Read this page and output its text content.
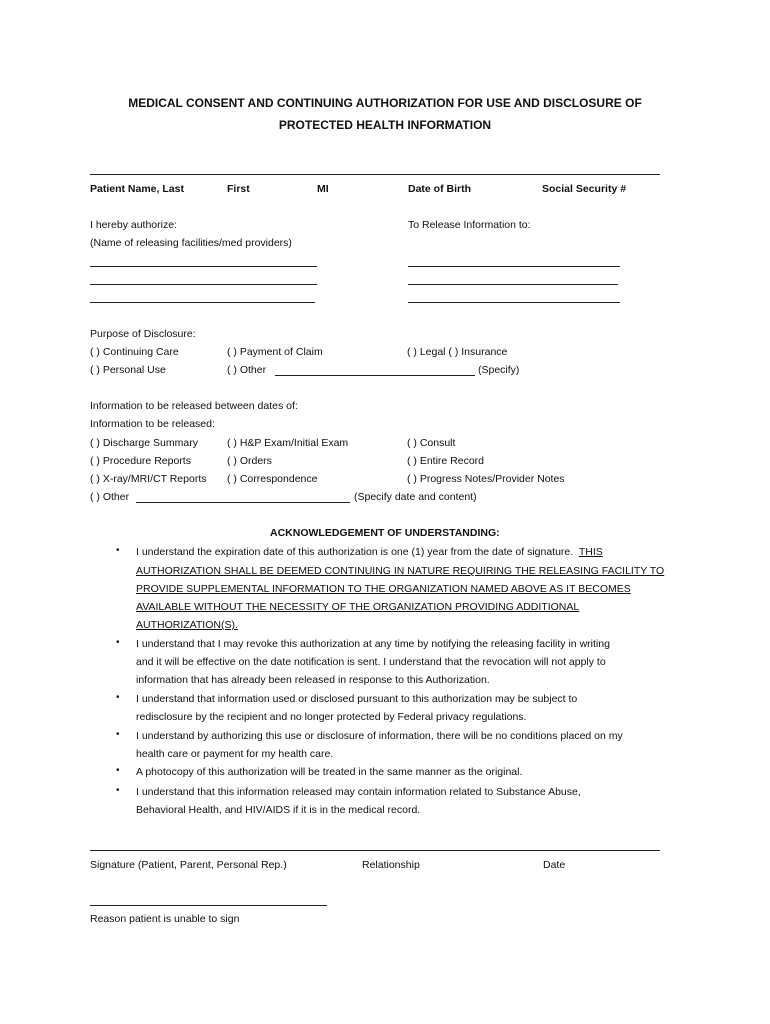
MEDICAL CONSENT AND CONTINUING AUTHORIZATION FOR USE AND DISCLOSURE OF
PROTECTED HEALTH INFORMATION
Patient Name, Last	First	MI	Date of Birth	Social Security #
I hereby authorize:
(Name of releasing facilities/med providers)
To Release Information to:
Purpose of Disclosure:
( ) Continuing Care	( ) Payment of Claim	( ) Legal ( ) Insurance
( ) Personal Use	( ) Other	(Specify)
Information to be released between dates of:
Information to be released:
( ) Discharge Summary	( ) H&P Exam/Initial Exam	( ) Consult
( ) Procedure Reports	( ) Orders	( ) Entire Record
( ) X-ray/MRI/CT Reports ( ) Correspondence	( ) Progress Notes/Provider Notes
( ) Other	(Specify date and content)
ACKNOWLEDGEMENT OF UNDERSTANDING:
• I understand the expiration date of this authorization is one (1) year from the date of signature. THIS
AUTHORIZATION SHALL BE DEEMED CONTINUING IN NATURE REQUIRING THE RELEASING FACILITY TO
PROVIDE SUPPLEMENTAL INFORMATION TO THE ORGANIZATION NAMED ABOVE AS IT BECOMES
AVAILABLE WITHOUT THE NECESSITY OF THE ORGANIZATION PROVIDING ADDITIONAL
AUTHORIZATION(S).
• I understand that I may revoke this authorization at any time by notifying the releasing facility in writing
and it will be effective on the date notification is sent. I understand that the revocation will not apply to
information that has already been released in response to this Authorization.
• I understand that information used or disclosed pursuant to this authorization may be subject to
redisclosure by the recipient and no longer protected by Federal privacy regulations.
• I understand by authorizing this use or disclosure of information, there will be no conditions placed on my
health care or payment for my health care.
• A photocopy of this authorization will be treated in the same manner as the original.
• I understand that this information released may contain information related to Substance Abuse,
Behavioral Health, and HIV/AIDS if it is in the medical record.
Signature (Patient, Parent, Personal Rep.)	Relationship	Date
Reason patient is unable to sign
